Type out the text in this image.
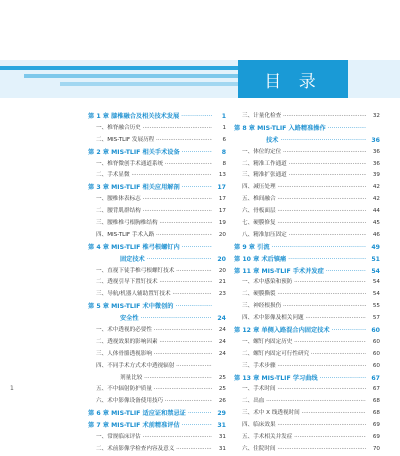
目 录
第 1 章 膝椎融合及相关技术发展 ·····	1
一、椎脊融合历史 ·····	1
二、MIS-TLIF 发展历程 ·····	6
第 2 章 MIS-TLIF 相关手术设备 ·····	8
一、椎脊微创手术通道系统 ·····	8
二、手术显微 ·····	13
第 3 章 MIS-TLIF 相关应用解剖 ·····	17
一、腰椎体表标志 ·····	17
二、腰背肌群结构 ·····	17
三、腰椎椎弓根胸椎结构 ·····	19
四、MIS-TLIF 手术入路 ·····	20
第 4 章 MIS-TLIF 椎弓根螺钉内 ·····
固定技术 ·····	20
一、直视下徒手椎弓根螺钉技术 ·····	20
二、透视引导下置钉技术 ·····	21
三、导航/机器人辅助置钉技术 ·····	23
第 5 章 MIS-TLIF 术中微创的 ·····
安全性 ·····	24
一、术中透视的必要性 ·····	24
二、透视效果的影响因素 ·····	24
三、人体骨骼透视影响 ·····	24
四、不同手术方式术中透视辐射 ·····
剂量比较 ·····	25
五、不中辐射防护质量 ·····	25
六、术中影像设备使用技巧 ·····	26
第 6 章 MIS-TLIF 适应证和禁忌证 ·····	29
第 7 章 MIS-TLIF 术前精准评估 ·····	31
一、常规临床评估 ·····	31
二、术前影像学检查内容及意义 ·····	31
三、计量化检查 ·····	32
第 8 章 MIS-TLIF 入路精准操作 ·····
技术 ·····	36
一、体位的定位 ·····	36
二、精准工作通道 ·····	36
三、精准扩张通道 ·····	39
四、减压处理 ·····	42
五、椎间融合 ·····	42
六、骨板面层 ·····	44
七、硬膜修复 ·····	45
八、精准加压固定 ·····	46
第 9 章 引流 ·····	49
第 10 章 术后镇痛 ·····	51
第 11 章 MIS-TLIF 手术并发症 ·····	54
一、术中感染和预防 ·····	54
二、硬膜撕裂 ·····	54
三、神经根损伤 ·····	55
四、术中影像及相关问题 ·····	57
第 12 章 单侧入路混合内固定技术 ·····	60
一、螺钉内固定历史 ·····	60
二、螺钉内固定可行性研究 ·····	60
三、手术步骤 ·····	60
第 13 章 MIS-TLIF 学习曲线 ·····	67
一、手术时间 ·····	67
二、出血 ·····	68
三、术中 X 线透视时间 ·····	68
四、临床效果 ·····	69
五、手术相关并发症 ·····	69
六、住院时间 ·····	70
1
